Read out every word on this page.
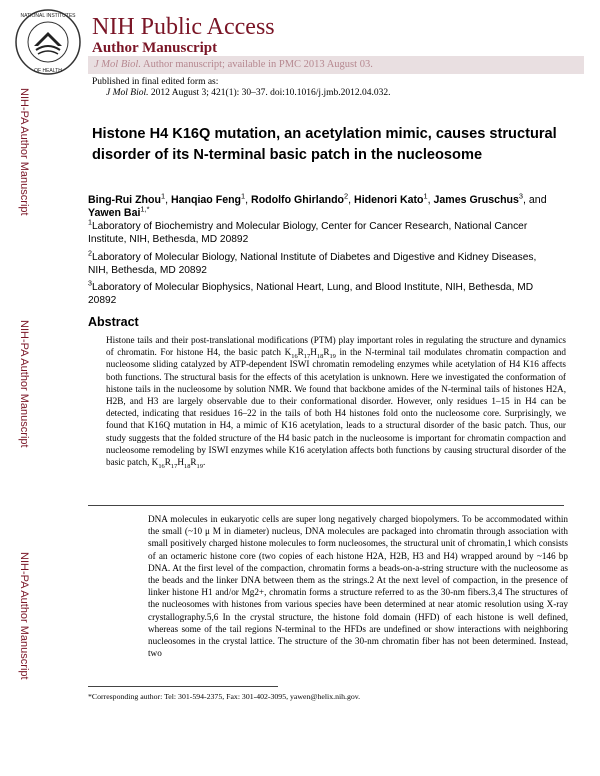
NATIONAL INSTITUTES
OF HEALTH
NIH Public Access
Author Manuscript
J Mol Biol. Author manuscript; available in PMC 2013 August 03.
Published in final edited form as:
J Mol Biol. 2012 August 3; 421(1): 30–37. doi:10.1016/j.jmb.2012.04.032.
NIH-PA Author Manuscript
NIH-PA Author Manuscript
NIH-PA Author Manuscript
Histone H4 K16Q mutation, an acetylation mimic, causes structural disorder of its N-terminal basic patch in the nucleosome
Bing-Rui Zhou$^1$, Hanqiao Feng$^1$, Rodolfo Ghirlando$^2$, Hidenori Kato$^1$, James Gruschus$^3$, and Yawen Bai$^{1,*}$
$^1$Laboratory of Biochemistry and Molecular Biology, Center for Cancer Research, National Cancer Institute, NIH, Bethesda, MD 20892
$^2$Laboratory of Molecular Biology, National Institute of Diabetes and Digestive and Kidney Diseases, NIH, Bethesda, MD 20892
$^3$Laboratory of Molecular Biophysics, National Heart, Lung, and Blood Institute, NIH, Bethesda, MD 20892
Abstract
Histone tails and their post-translational modifications (PTM) play important roles in regulating the structure and dynamics of chromatin. For histone H4, the basic patch $K_{16}R_{17}H_{18}R_{19}$ in the N-terminal tail modulates chromatin compaction and nucleosome sliding catalyzed by ATP-dependent ISWI chromatin remodeling enzymes while acetylation of H4 K16 affects both functions. The structural basis for the effects of this acetylation is unknown. Here we investigated the conformation of histone tails in the nucleosome by solution NMR. We found that backbone amides of the N-terminal tails of histones H2A, H2B, and H3 are largely observable due to their conformational disorder. However, only residues 1–15 in H4 can be detected, indicating that residues 16–22 in the tails of both H4 histones fold onto the nucleosome core. Surprisingly, we found that K16Q mutation in H4, a mimic of K16 acetylation, leads to a structural disorder of the basic patch. Thus, our study suggests that the folded structure of the H4 basic patch in the nucleosome is important for chromatin compaction and nucleosome remodeling by ISWI enzymes while K16 acetylation affects both functions by causing structural disorder of the basic patch, $K_{16}R_{17}H_{18}R_{19}$.
DNA molecules in eukaryotic cells are super long negatively charged biopolymers. To be accommodated within the small (~10 μ M in diameter) nucleus, DNA molecules are packaged into chromatin through association with small positively charged histone molecules to form nucleosomes, the structural unit of chromatin,1 which consists of an octameric histone core (two copies of each histone H2A, H2B, H3 and H4) wrapped around by ~146 bp DNA. At the first level of the compaction, chromatin forms a beads-on-a-string structure with the nucleosome as the beads and the linker DNA between them as the strings.2 At the next level of compaction, in the presence of linker histone H1 and/or Mg2+, chromatin forms a structure referred to as the 30-nm fibers.3,4 The structures of the nucleosomes with histones from various species have been determined at near atomic resolution using X-ray crystallography.5,6 In the crystal structure, the histone fold domain (HFD) of each histone is well defined, whereas some of the tail regions N-terminal to the HFDs are undefined or show interactions with neighboring nucleosomes in the crystal lattice. The structure of the 30-nm chromatin fiber has not been determined. Instead, two
*Corresponding author: Tel: 301-594-2375, Fax: 301-402-3095, yawen@helix.nih.gov.
